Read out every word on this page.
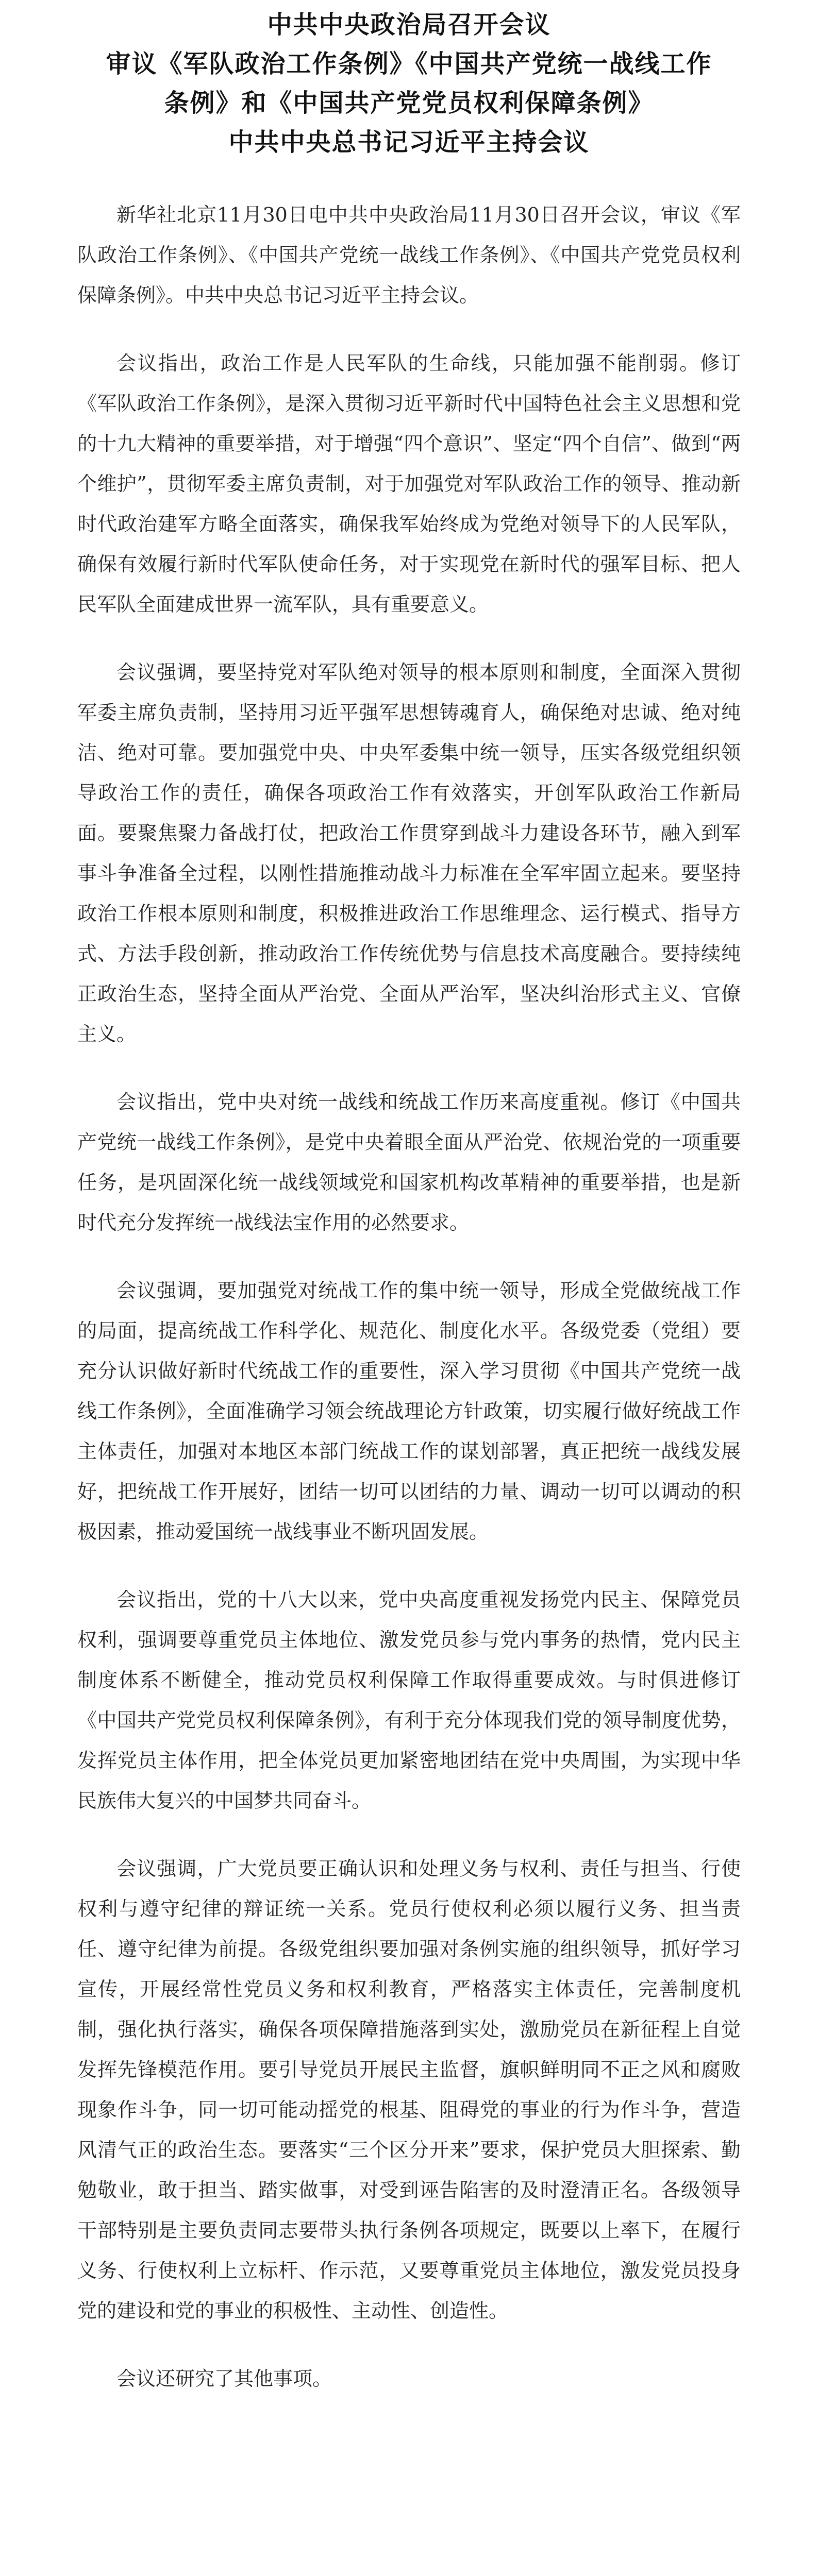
中共中央政治局召开会议
审议《军队政治工作条例》《中国共产党统一战线工作
条例》和《中国共产党党员权利保障条例》
中共中央总书记习近平主持会议

新华社北京11月30日电中共中央政治局11月30日召开会议，审议《军队政治工作条例》、《中国共产党统一战线工作条例》、《中国共产党党员权利保障条例》。中共中央总书记习近平主持会议。

会议指出，政治工作是人民军队的生命线，只能加强不能削弱。修订《军队政治工作条例》，是深入贯彻习近平新时代中国特色社会主义思想和党的十九大精神的重要举措，对于增强“四个意识”、坚定“四个自信”、做到“两个维护”，贯彻军委主席负责制，对于加强党对军队政治工作的领导、推动新时代政治建军方略全面落实，确保我军始终成为党绝对领导下的人民军队，确保有效履行新时代军队使命任务，对于实现党在新时代的强军目标、把人民军队全面建成世界一流军队，具有重要意义。

会议强调，要坚持党对军队绝对领导的根本原则和制度，全面深入贯彻军委主席负责制，坚持用习近平强军思想铸魂育人，确保绝对忠诚、绝对纯洁、绝对可靠。要加强党中央、中央军委集中统一领导，压实各级党组织领导政治工作的责任，确保各项政治工作有效落实，开创军队政治工作新局面。要聚焦聚力备战打仗，把政治工作贯穿到战斗力建设各环节，融入到军事斗争准备全过程，以刚性措施推动战斗力标准在全军牢固立起来。要坚持政治工作根本原则和制度，积极推进政治工作思维理念、运行模式、指导方式、方法手段创新，推动政治工作传统优势与信息技术高度融合。要持续纯正政治生态，坚持全面从严治党、全面从严治军，坚决纠治形式主义、官僚主义。

会议指出，党中央对统一战线和统战工作历来高度重视。修订《中国共产党统一战线工作条例》，是党中央着眼全面从严治党、依规治党的一项重要任务，是巩固深化统一战线领域党和国家机构改革精神的重要举措，也是新时代充分发挥统一战线法宝作用的必然要求。

会议强调，要加强党对统战工作的集中统一领导，形成全党做统战工作的局面，提高统战工作科学化、规范化、制度化水平。各级党委（党组）要充分认识做好新时代统战工作的重要性，深入学习贯彻《中国共产党统一战线工作条例》，全面准确学习领会统战理论方针政策，切实履行做好统战工作主体责任，加强对本地区本部门统战工作的谋划部署，真正把统一战线发展好，把统战工作开展好，团结一切可以团结的力量、调动一切可以调动的积极因素，推动爱国统一战线事业不断巩固发展。

会议指出，党的十八大以来，党中央高度重视发扬党内民主、保障党员权利，强调要尊重党员主体地位、激发党员参与党内事务的热情，党内民主制度体系不断健全，推动党员权利保障工作取得重要成效。与时俱进修订《中国共产党党员权利保障条例》，有利于充分体现我们党的领导制度优势，发挥党员主体作用，把全体党员更加紧密地团结在党中央周围，为实现中华民族伟大复兴的中国梦共同奋斗。

会议强调，广大党员要正确认识和处理义务与权利、责任与担当、行使权利与遵守纪律的辩证统一关系。党员行使权利必须以履行义务、担当责任、遵守纪律为前提。各级党组织要加强对条例实施的组织领导，抓好学习宣传，开展经常性党员义务和权利教育，严格落实主体责任，完善制度机制，强化执行落实，确保各项保障措施落到实处，激励党员在新征程上自觉发挥先锋模范作用。要引导党员开展民主监督，旗帜鲜明同不正之风和腐败现象作斗争，同一切可能动摇党的根基、阻碍党的事业的行为作斗争，营造风清气正的政治生态。要落实“三个区分开来”要求，保护党员大胆探索、勤勉敬业，敢于担当、踏实做事，对受到诬告陷害的及时澄清正名。各级领导干部特别是主要负责同志要带头执行条例各项规定，既要以上率下，在履行义务、行使权利上立标杆、作示范，又要尊重党员主体地位，激发党员投身党的建设和党的事业的积极性、主动性、创造性。

会议还研究了其他事项。
